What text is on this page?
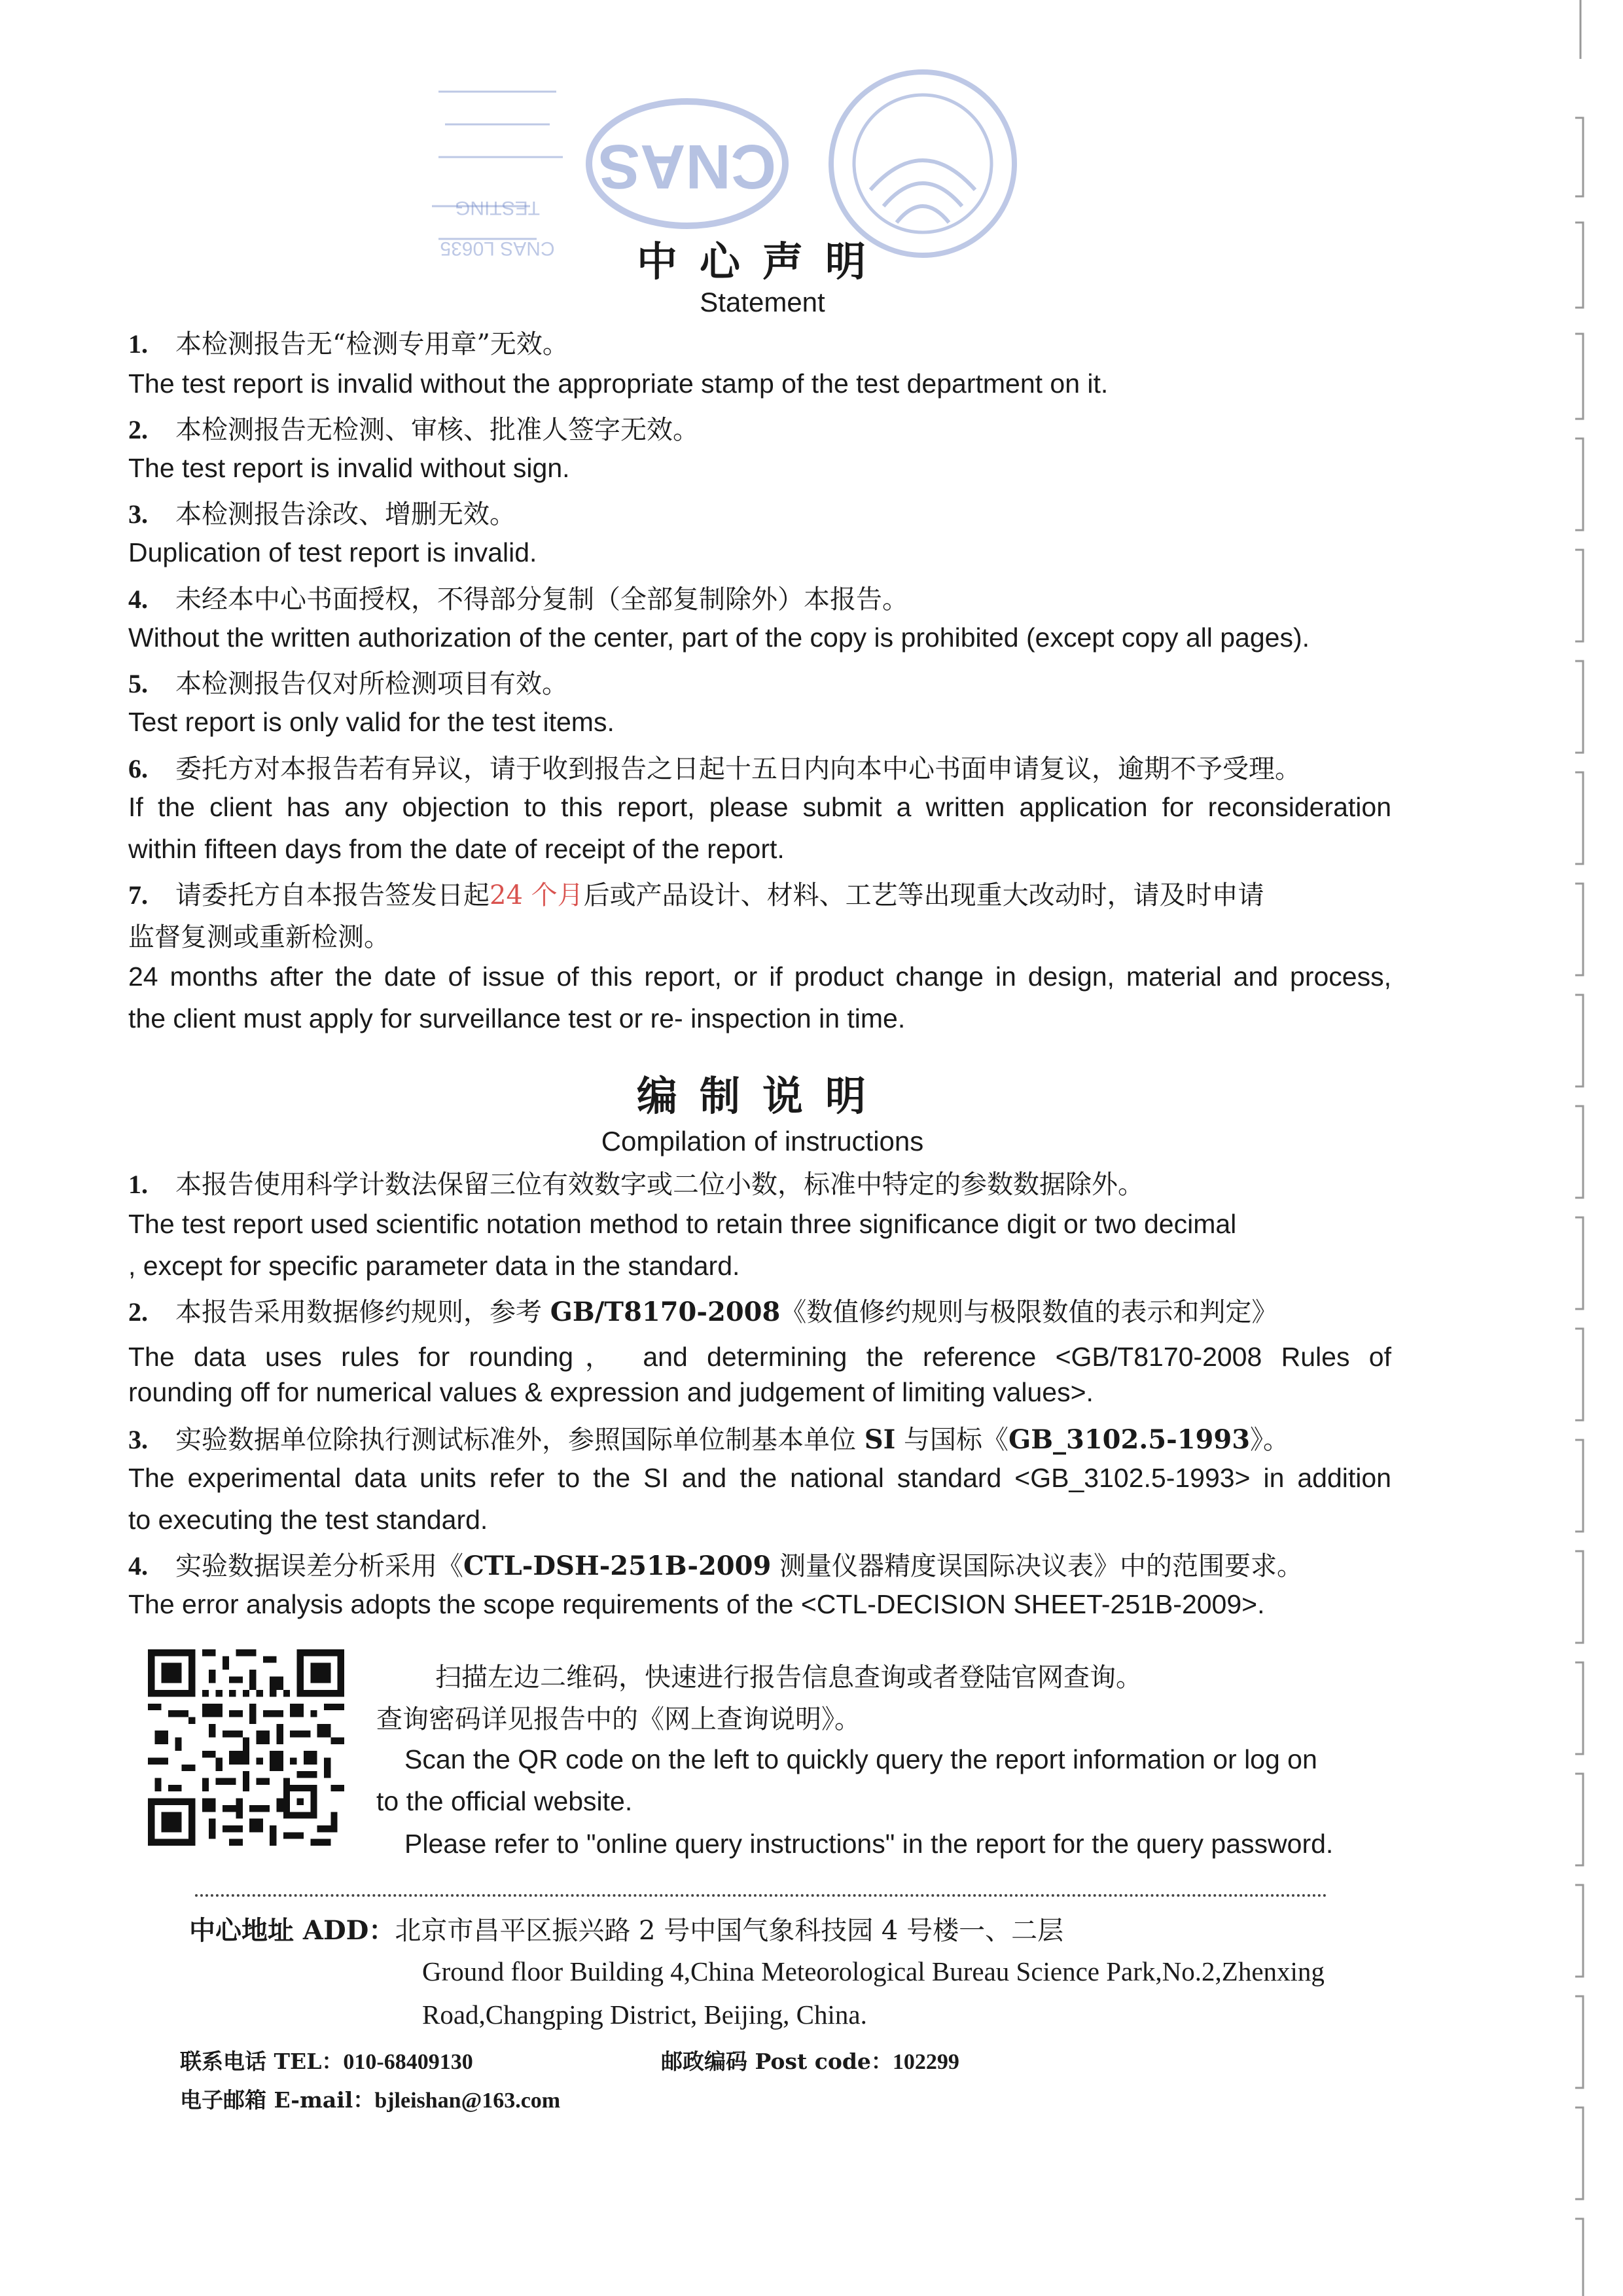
CNAS
TESTING
CNAS L0635	中心声明
Statement
1. 本检测报告无“检测专用章”无效。
The test report is invalid without the appropriate stamp of the test department on it.
2. 本检测报告无检测、审核、批准人签字无效。
The test report is invalid without sign.
3. 本检测报告涂改、增删无效。
Duplication of test report is invalid.
4. 未经本中心书面授权，不得部分复制（全部复制除外）本报告。
Without the written authorization of the center, part of the copy is prohibited (except copy all pages).
5. 本检测报告仅对所检测项目有效。
Test report is only valid for the test items.
6. 委托方对本报告若有异议，请于收到报告之日起十五日内向本中心书面申请复议，逾期不予受理。
If the client has any objection to this report, please submit a written application for reconsideration
within fifteen days from the date of receipt of the report.
7. 请委托方自本报告签发日起24 个月后或产品设计、材料、工艺等出现重大改动时，请及时申请
监督复测或重新检测。
24 months after the date of issue of this report, or if product change in design, material and process,
the client must apply for surveillance test or re- inspection in time.
编制说明
Compilation of instructions
1. 本报告使用科学计数法保留三位有效数字或二位小数，标准中特定的参数数据除外。
The test report used scientific notation method to retain three significance digit or two decimal
, except for specific parameter data in the standard.
2. 本报告采用数据修约规则，参考 GB/T8170-2008《数值修约规则与极限数值的表示和判定》
The data uses rules for rounding， and determining the reference <GB/T8170-2008 Rules of
rounding off for numerical values & expression and judgement of limiting values>.
3. 实验数据单位除执行测试标准外，参照国际单位制基本单位 SI 与国标《GB_3102.5-1993》。
The experimental data units refer to the SI and the national standard <GB_3102.5-1993> in addition
to executing the test standard.
4. 实验数据误差分析采用《CTL-DSH-251B-2009 测量仪器精度误国际决议表》中的范围要求。
The error analysis adopts the scope requirements of the <CTL-DECISION SHEET-251B-2009>.
扫描左边二维码，快速进行报告信息查询或者登陆官网查询。
查询密码详见报告中的《网上查询说明》。
Scan the QR code on the left to quickly query the report information or log on
to the official website.
Please refer to "online query instructions" in the report for the query password.
中心地址 ADD：北京市昌平区振兴路 2 号中国气象科技园 4 号楼一、二层
Ground floor Building 4,China Meteorological Bureau Science Park,No.2,Zhenxing
Road,Changping District, Beijing, China.
联系电话 TEL：010-68409130	邮政编码 Post code：102299
电子邮箱 E-mail：bjleishan@163.com
